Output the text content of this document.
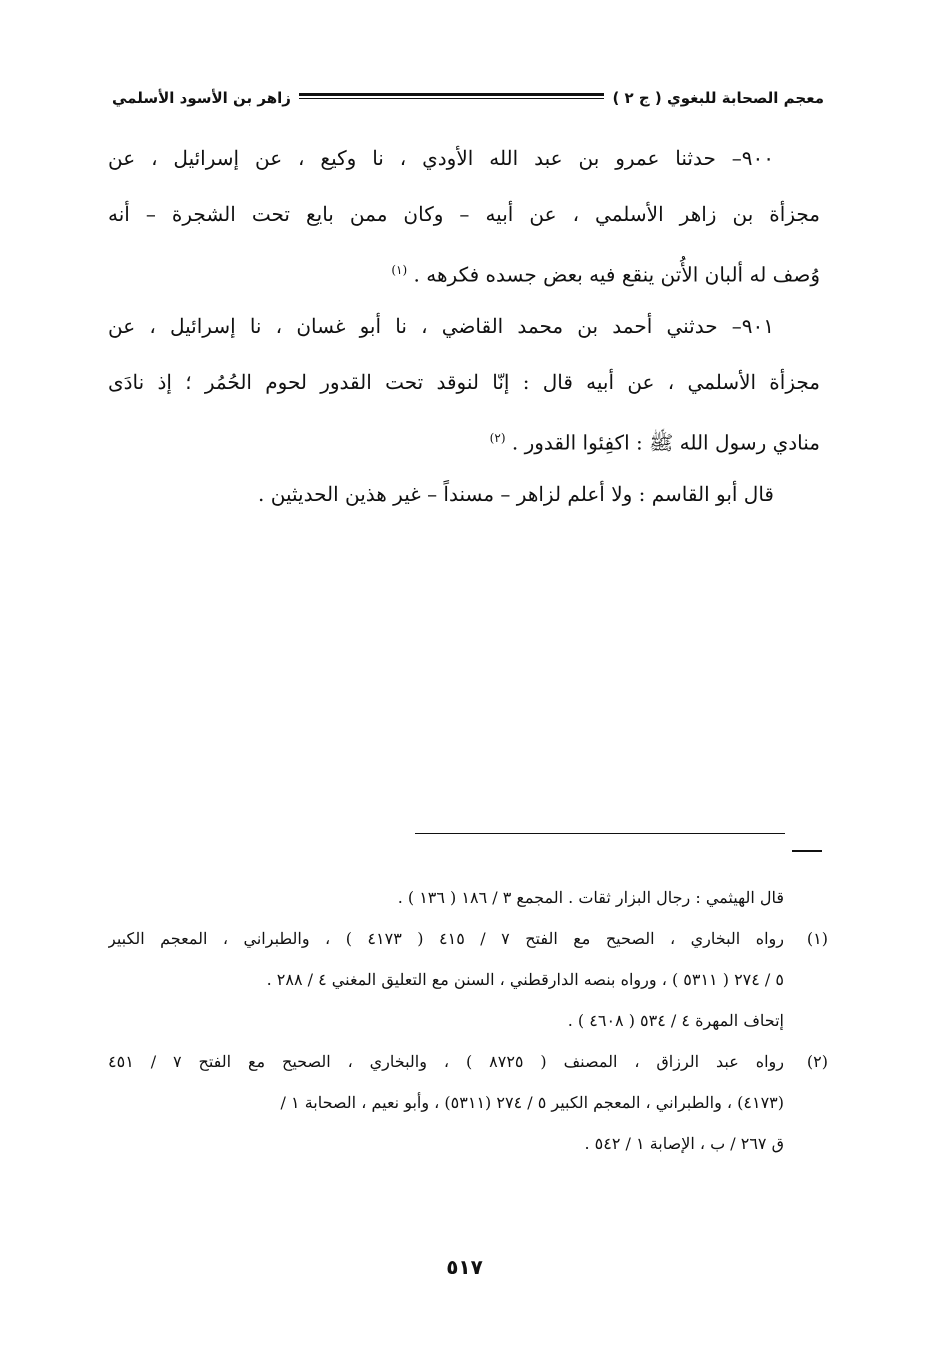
معجم الصحابة للبغوي ( ج ٢ )
زاهر بن الأسود الأسلمي
٩٠٠– حدثنا عمرو بن عبد الله الأودي ، نا وكيع ، عن إسرائيل ، عن
مجزأة بن زاهر الأسلمي ، عن أبيه – وكان ممن بايع تحت الشجرة – أنه
وُصف له ألبان الأُتن ينقع فيه بعض جسده فكرهه . $^{(١)}$
٩٠١– حدثني أحمد بن محمد القاضي ، نا أبو غسان ، نا إسرائيل ، عن
مجزأة الأسلمي ، عن أبيه قال : إنّا لنوقد تحت القدور لحوم الحُمُر ؛ إذ نادَى
منادي رسول الله ﷺ : اكفِئوا القدور . $^{(٢)}$
قال أبو القاسم : ولا أعلم لزاهر – مسنداً – غير هذين الحديثين .
قال الهيثمي : رجال البزار ثقات . المجمع ٣ / ١٨٦ ( ١٣٦ ) .
(١)رواه البخاري ، الصحيح مع الفتح ٧ / ٤١٥ ( ٤١٧٣ ) ، والطبراني ، المعجم الكبير
٥ / ٢٧٤ ( ٥٣١١ ) ، ورواه بنصه الدارقطني ، السنن مع التعليق المغني ٤ / ٢٨٨ .
إتحاف المهرة ٤ / ٥٣٤ ( ٤٦٠٨ ) .
(٢)رواه عبد الرزاق ، المصنف ( ٨٧٢٥ ) ، والبخاري ، الصحيح مع الفتح ٧ / ٤٥١
(٤١٧٣) ، والطبراني ، المعجم الكبير ٥ / ٢٧٤ (٥٣١١) ، وأبو نعيم ، الصحابة ١ /
ق ٢٦٧ / ب ، الإصابة ١ / ٥٤٢ .
٥١٧
